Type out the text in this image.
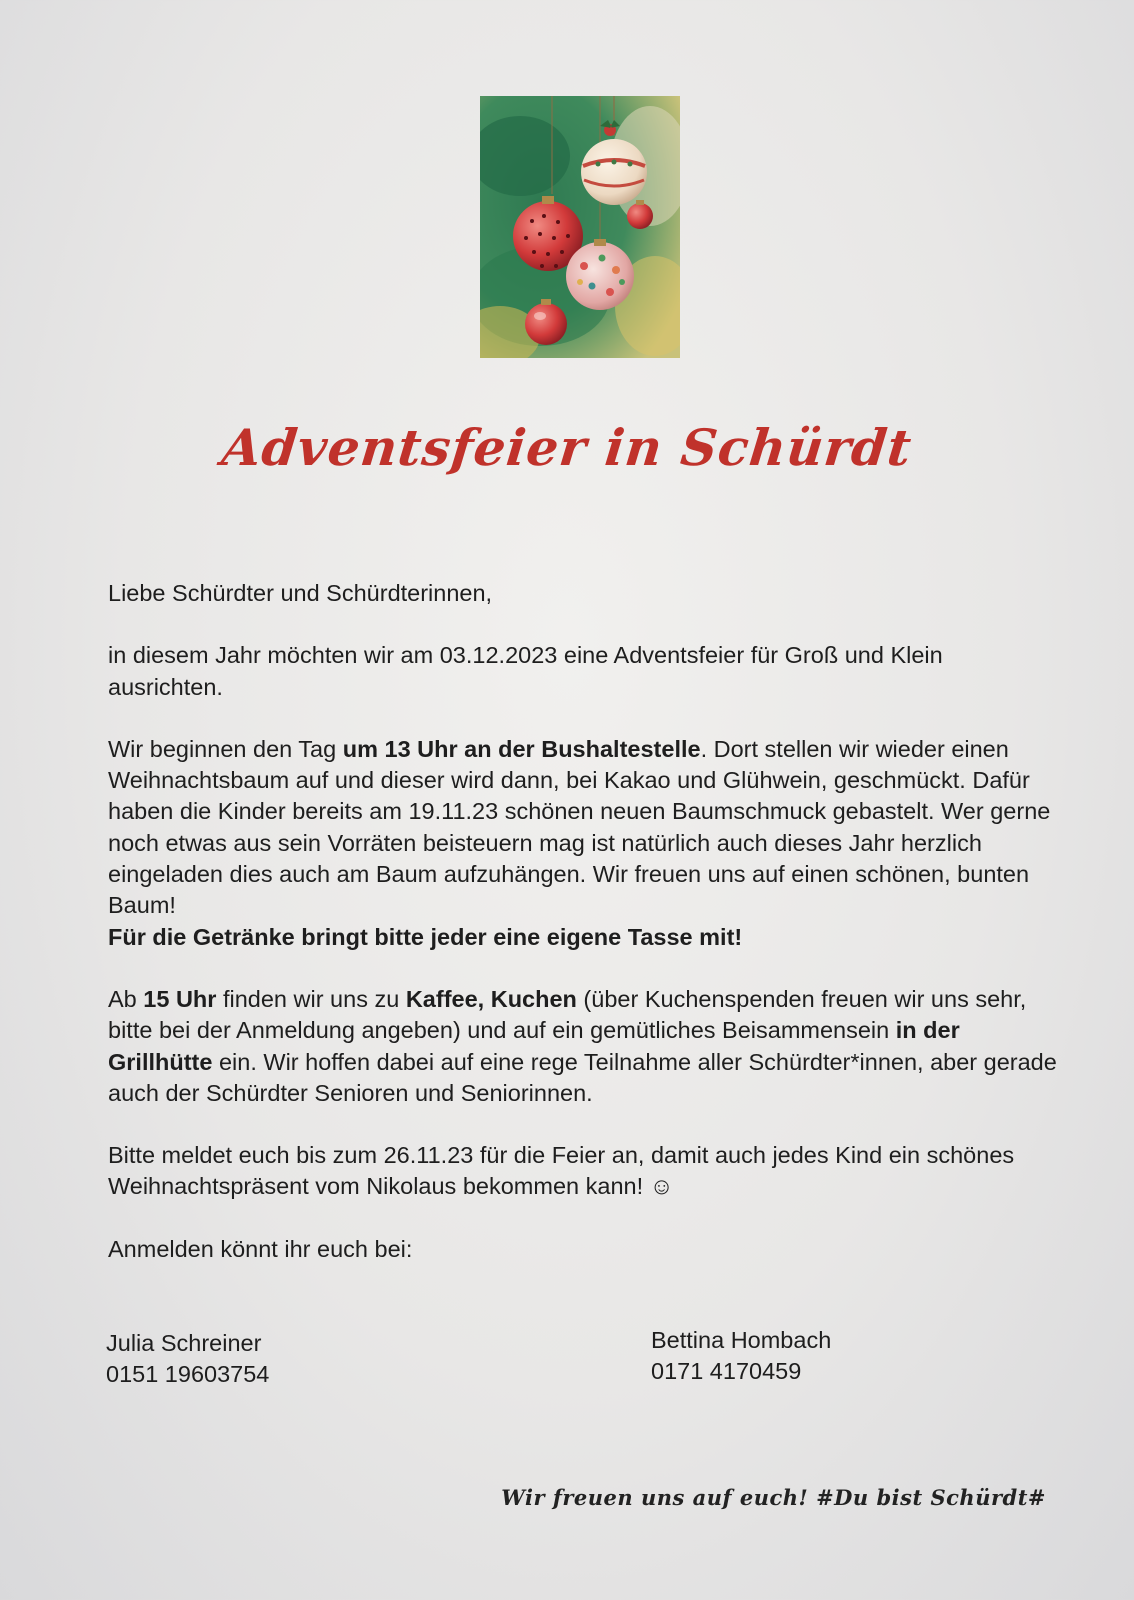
Adventsfeier in Schürdt

Liebe Schürdter und Schürdterinnen,

in diesem Jahr möchten wir am 03.12.2023 eine Adventsfeier für Groß und Klein ausrichten.

Wir beginnen den Tag um 13 Uhr an der Bushaltestelle. Dort stellen wir wieder einen Weihnachtsbaum auf und dieser wird dann, bei Kakao und Glühwein, geschmückt. Dafür haben die Kinder bereits am 19.11.23 schönen neuen Baumschmuck gebastelt. Wer gerne noch etwas aus sein Vorräten beisteuern mag ist natürlich auch dieses Jahr herzlich eingeladen dies auch am Baum aufzuhängen. Wir freuen uns auf einen schönen, bunten Baum!
Für die Getränke bringt bitte jeder eine eigene Tasse mit!

Ab 15 Uhr finden wir uns zu Kaffee, Kuchen (über Kuchenspenden freuen wir uns sehr, bitte bei der Anmeldung angeben) und auf ein gemütliches Beisammensein in der Grillhütte ein. Wir hoffen dabei auf eine rege Teilnahme aller Schürdter*innen, aber gerade auch der Schürdter Senioren und Seniorinnen.

Bitte meldet euch bis zum 26.11.23 für die Feier an, damit auch jedes Kind ein schönes Weihnachtspräsent vom Nikolaus bekommen kann! ☺

Anmelden könnt ihr euch bei:

Julia Schreiner
0151 19603754
Bettina Hombach
0171 4170459
Wir freuen uns auf euch! #Du bist Schürdt#
